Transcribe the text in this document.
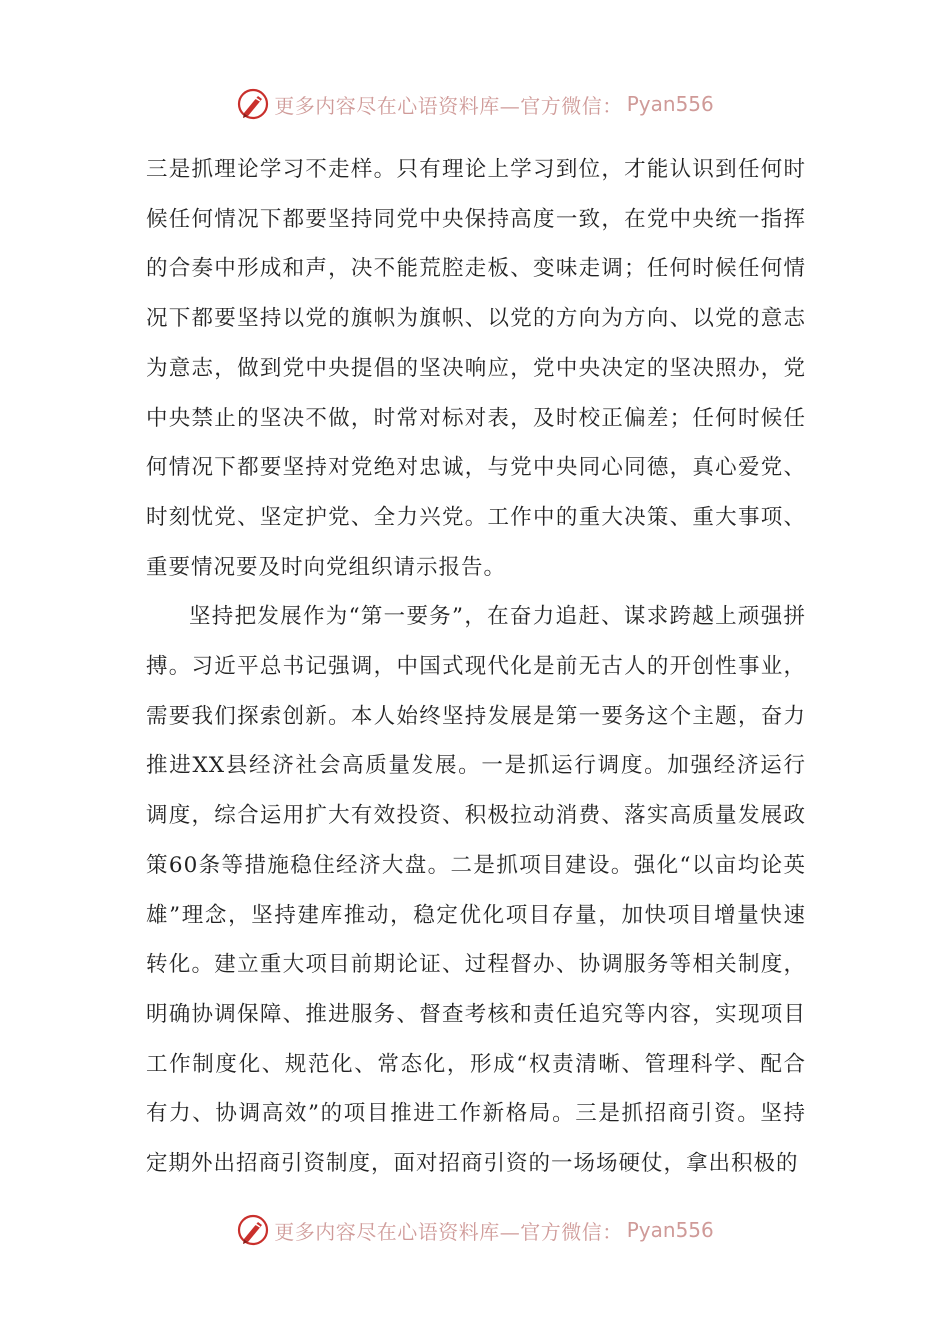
更多内容尽在心语资料库—官方微信： Pyan556

三是抓理论学习不走样。只有理论上学习到位，才能认识到任何时候任何情况下都要坚持同党中央保持高度一致，在党中央统一指挥的合奏中形成和声，决不能荒腔走板、变味走调；任何时候任何情况下都要坚持以党的旗帜为旗帜、以党的方向为方向、以党的意志为意志，做到党中央提倡的坚决响应，党中央决定的坚决照办，党中央禁止的坚决不做，时常对标对表，及时校正偏差；任何时候任何情况下都要坚持对党绝对忠诚，与党中央同心同德，真心爱党、时刻忧党、坚定护党、全力兴党。工作中的重大决策、重大事项、重要情况要及时向党组织请示报告。

坚持把发展作为“第一要务”，在奋力追赶、谋求跨越上顽强拼搏。习近平总书记强调，中国式现代化是前无古人的开创性事业，需要我们探索创新。本人始终坚持发展是第一要务这个主题，奋力推进XX县经济社会高质量发展。一是抓运行调度。加强经济运行调度，综合运用扩大有效投资、积极拉动消费、落实高质量发展政策60条等措施稳住经济大盘。二是抓项目建设。强化“以亩均论英雄”理念，坚持建库推动，稳定优化项目存量，加快项目增量快速转化。建立重大项目前期论证、过程督办、协调服务等相关制度，明确协调保障、推进服务、督查考核和责任追究等内容，实现项目工作制度化、规范化、常态化，形成“权责清晰、管理科学、配合有力、协调高效”的项目推进工作新格局。三是抓招商引资。坚持定期外出招商引资制度，面对招商引资的一场场硬仗，拿出积极的

更多内容尽在心语资料库—官方微信： Pyan556
